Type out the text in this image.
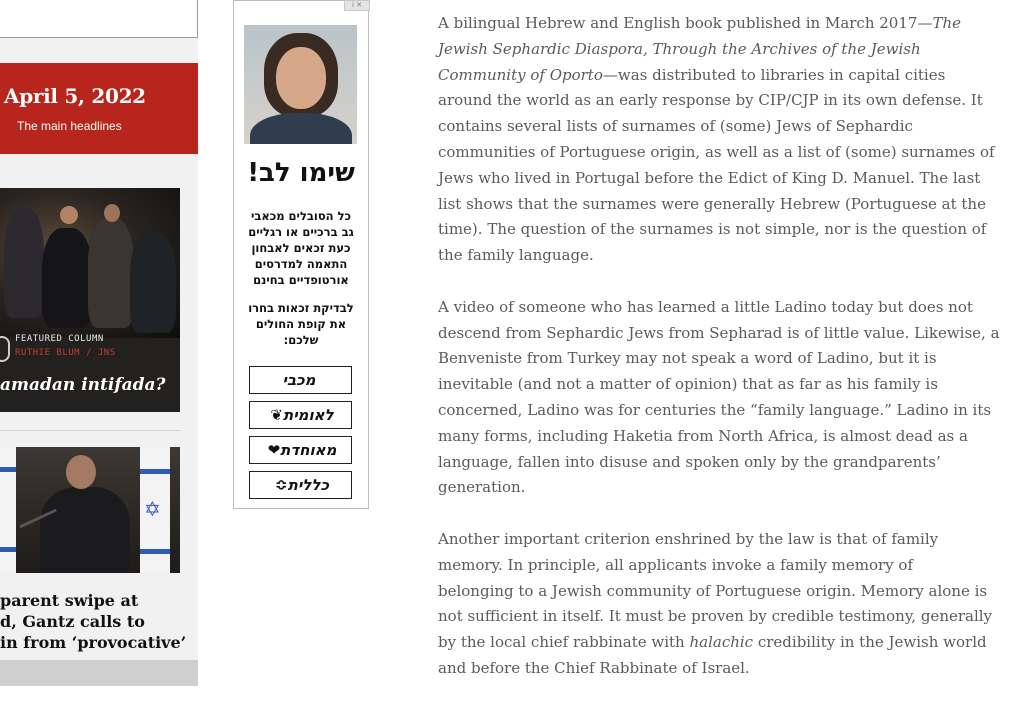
April 5, 2022
The main headlines
FEATURED COLUMN
RUTHIE BLUM / JNS
amadan intifada?
✡
parent swipe at
d, Gantz calls to
in from ‘provocative’
i ✕
שימו לב!
כל הסובלים מכאבי
גב ברכיים או רגליים
כעת זכאים לאבחון
התאמה למדרסים
אורטופדיים בחינם
לבדיקת זכאות בחרו
את קופת החולים
שלכם:
מכבי
לאומית❦
מאוחדת❤
כללית≎

A bilingual Hebrew and English book published in March 2017—The
Jewish Sephardic Diaspora, Through the Archives of the Jewish
Community of Oporto—was distributed to libraries in capital cities
around the world as an early response by CIP/CJP in its own defense. It
contains several lists of surnames of (some) Jews of Sephardic
communities of Portuguese origin, as well as a list of (some) surnames of
Jews who lived in Portugal before the Edict of King D. Manuel. The last
list shows that the surnames were generally Hebrew (Portuguese at the
time). The question of the surnames is not simple, nor is the question of
the family language.

A video of someone who has learned a little Ladino today but does not
descend from Sephardic Jews from Sepharad is of little value. Likewise, a
Benveniste from Turkey may not speak a word of Ladino, but it is
inevitable (and not a matter of opinion) that as far as his family is
concerned, Ladino was for centuries the “family language.” Ladino in its
many forms, including Haketia from North Africa, is almost dead as a
language, fallen into disuse and spoken only by the grandparents’
generation.

Another important criterion enshrined by the law is that of family
memory. In principle, all applicants invoke a family memory of
belonging to a Jewish community of Portuguese origin. Memory alone is
not sufficient in itself. It must be proven by credible testimony, generally
by the local chief rabbinate with halachic credibility in the Jewish world
and before the Chief Rabbinate of Israel.
